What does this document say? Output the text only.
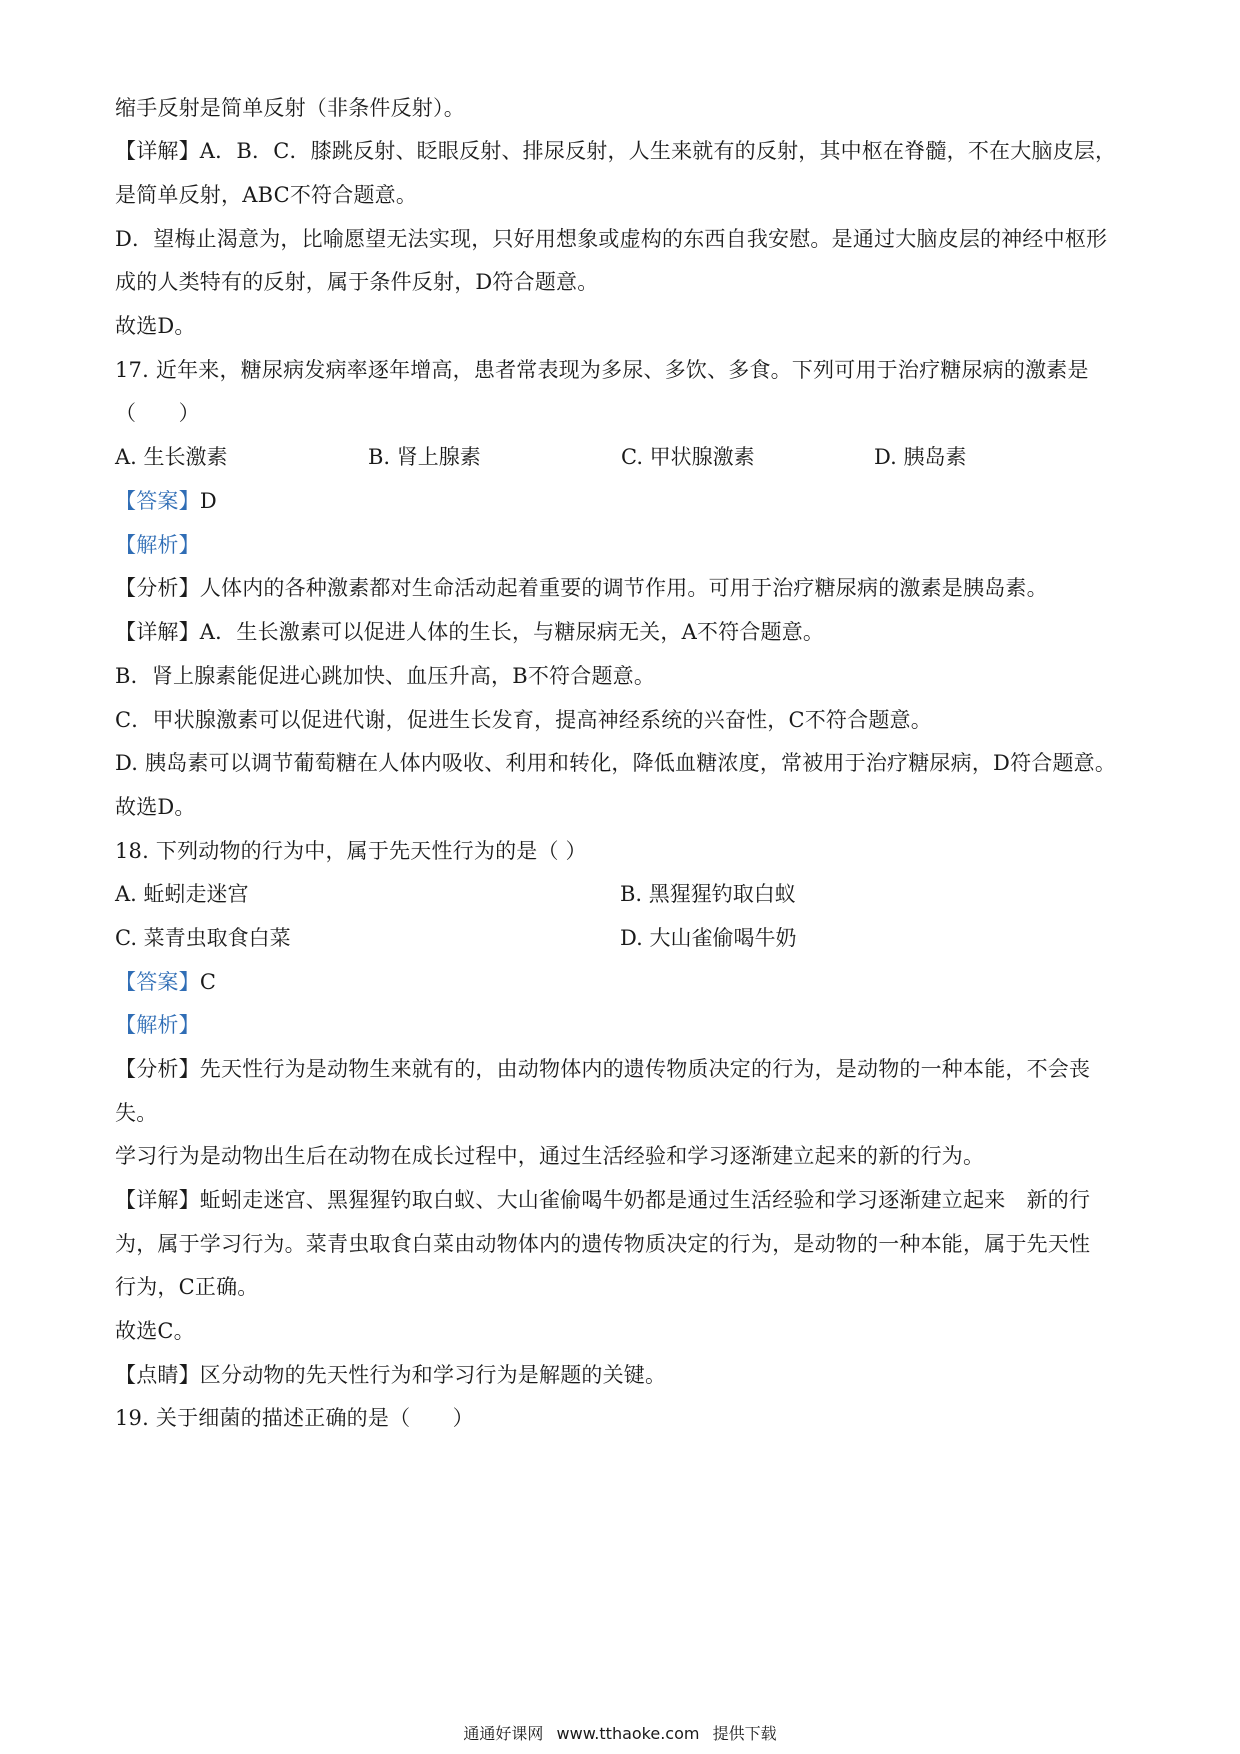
缩手反射是简单反射（非条件反射）。
【详解】A．B．C．膝跳反射、眨眼反射、排尿反射，人生来就有的反射，其中枢在脊髓，不在大脑皮层，
是简单反射，ABC不符合题意。
D．望梅止渴意为，比喻愿望无法实现，只好用想象或虚构的东西自我安慰。是通过大脑皮层的神经中枢形
成的人类特有的反射，属于条件反射，D符合题意。
故选D。
17. 近年来，糖尿病发病率逐年增高，患者常表现为多尿、多饮、多食。下列可用于治疗糖尿病的激素是
（　　）
A. 生长激素	B. 肾上腺素	C. 甲状腺激素	D. 胰岛素
【答案】D
【解析】
【分析】人体内的各种激素都对生命活动起着重要的调节作用。可用于治疗糖尿病的激素是胰岛素。
【详解】A．生长激素可以促进人体的生长，与糖尿病无关，A不符合题意。
B．肾上腺素能促进心跳加快、血压升高，B不符合题意。
C．甲状腺激素可以促进代谢，促进生长发育，提高神经系统的兴奋性，C不符合题意。
D. 胰岛素可以调节葡萄糖在人体内吸收、利用和转化，降低血糖浓度，常被用于治疗糖尿病，D符合题意。
故选D。
18. 下列动物的行为中，属于先天性行为的是（ ）
A. 蚯蚓走迷宫	B. 黑猩猩钓取白蚁
C. 菜青虫取食白菜	D. 大山雀偷喝牛奶
【答案】C
【解析】
【分析】先天性行为是动物生来就有的，由动物体内的遗传物质决定的行为，是动物的一种本能，不会丧
失。
学习行为是动物出生后在动物在成长过程中，通过生活经验和学习逐渐建立起来的新的行为。
【详解】蚯蚓走迷宫、黑猩猩钓取白蚁、大山雀偷喝牛奶都是通过生活经验和学习逐渐建立起来　新的行
为，属于学习行为。菜青虫取食白菜由动物体内的遗传物质决定的行为，是动物的一种本能，属于先天性
行为，C正确。
故选C。
【点睛】区分动物的先天性行为和学习行为是解题的关键。
19. 关于细菌的描述正确的是（　　）
通通好课网 www.tthaoke.com 提供下载
